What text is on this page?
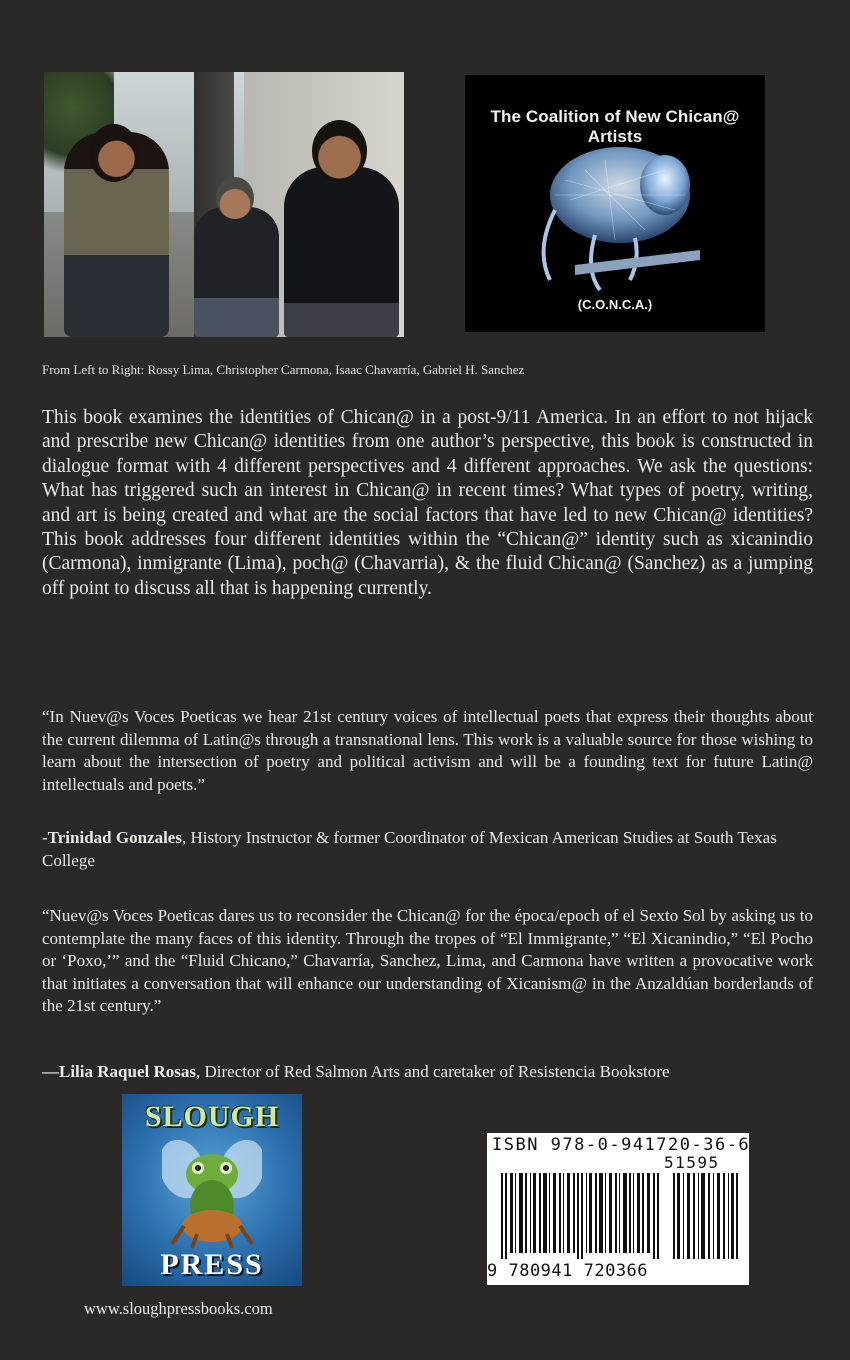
The Coalition of New Chican@ Artists
(C.O.N.C.A.)
From Left to Right: Rossy Lima, Christopher Carmona, Isaac Chavarría, Gabriel H. Sanchez

This book examines the identities of Chican@ in a post-9/11 America. In an effort to not hijack and prescribe new Chican@ identities from one author’s perspective, this book is constructed in dialogue format with 4 different perspectives and 4 different approaches. We ask the questions: What has triggered such an interest in Chican@ in recent times? What types of poetry, writing, and art is being created and what are the social factors that have led to new Chican@ identities? This book addresses four different identities within the “Chican@” identity such as xicanindio (Carmona), inmigrante (Lima), poch@ (Chavarria), & the fluid Chican@ (Sanchez) as a jumping off point to discuss all that is happening currently.

“In Nuev@s Voces Poeticas we hear 21st century voices of intellectual poets that express their thoughts about the current dilemma of Latin@s through a transnational lens. This work is a valuable source for those wishing to learn about the intersection of poetry and political activism and will be a founding text for future Latin@ intellectuals and poets.”

-Trinidad Gonzales, History Instructor & former Coordinator of Mexican American Studies at South Texas College

“Nuev@s Voces Poeticas dares us to reconsider the Chican@ for the época/epoch of el Sexto Sol by asking us to contemplate the many faces of this identity. Through the tropes of “El Immigrante,” “El Xicanindio,” “El Pocho or ‘Poxo,’” and the “Fluid Chicano,” Chavarría, Sanchez, Lima, and Carmona have written a provocative work that initiates a conversation that will enhance our understanding of Xicanism@ in the Anzaldúan borderlands of the 21st century.”

—Lilia Raquel Rosas, Director of Red Salmon Arts and caretaker of Resistencia Bookstore

SLOUGH
PRESS
ISBN 978-0-941720-36-6
51595
9 780941 720366
www.sloughpressbooks.com
